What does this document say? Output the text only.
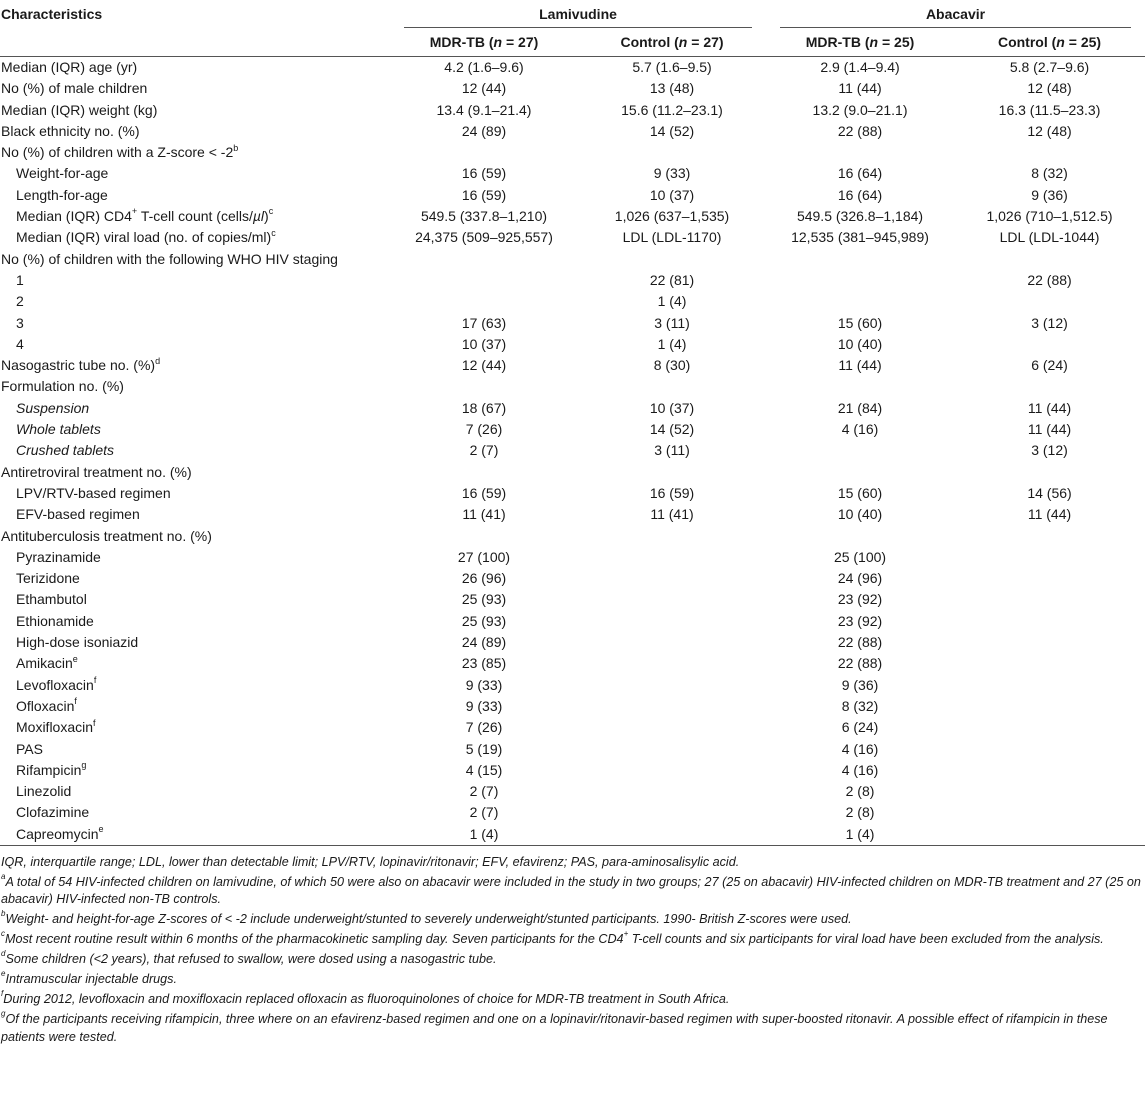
Characteristics	Lamivudine		Abacavir	
	MDR-TB (n = 27)	Control (n = 27)	MDR-TB (n = 25)	Control (n = 25)
Median (IQR) age (yr)	4.2 (1.6–9.6)	5.7 (1.6–9.5)	2.9 (1.4–9.4)	5.8 (2.7–9.6)
No (%) of male children	12 (44)	13 (48)	11 (44)	12 (48)
Median (IQR) weight (kg)	13.4 (9.1–21.4)	15.6 (11.2–23.1)	13.2 (9.0–21.1)	16.3 (11.5–23.3)
Black ethnicity no. (%)	24 (89)	14 (52)	22 (88)	12 (48)
No (%) of children with a Z-score < $-2^b$				
Weight-for-age	16 (59)	9 (33)	16 (64)	8 (32)
Length-for-age	16 (59)	10 (37)	16 (64)	9 (36)
Median (IQR) CD4+ T-cell count (cells/µl)$^c$	549.5 (337.8–1,210)	1,026 (637–1,535)	549.5 (326.8–1,184)	1,026 (710–1,512.5)
Median (IQR) viral load (no. of copies/ml)$^c$	24,375 (509–925,557)	LDL (LDL-1170)	12,535 (381–945,989)	LDL (LDL-1044)
No (%) of children with the following WHO HIV staging				
1		22 (81)		22 (88)
2		1 (4)		
3	17 (63)	3 (11)	15 (60)	3 (12)
4	10 (37)	1 (4)	10 (40)	
Nasogastric tube no. (%)$^d$	12 (44)	8 (30)	11 (44)	6 (24)
Formulation no. (%)				
Suspension	18 (67)	10 (37)	21 (84)	11 (44)
Whole tablets	7 (26)	14 (52)	4 (16)	11 (44)
Crushed tablets	2 (7)	3 (11)		3 (12)
Antiretroviral treatment no. (%)				
LPV/RTV-based regimen	16 (59)	16 (59)	15 (60)	14 (56)
EFV-based regimen	11 (41)	11 (41)	10 (40)	11 (44)
Antituberculosis treatment no. (%)				
Pyrazinamide	27 (100)		25 (100)	
Terizidone	26 (96)		24 (96)	
Ethambutol	25 (93)		23 (92)	
Ethionamide	25 (93)		23 (92)	
High-dose isoniazid	24 (89)		22 (88)	
Amikacin$^e$	23 (85)		22 (88)	
Levofloxacin$^f$	9 (33)		9 (36)	
Ofloxacin$^f$	9 (33)		8 (32)	
Moxifloxacin$^f$	7 (26)		6 (24)	
PAS	5 (19)		4 (16)	
Rifampicin$^g$	4 (15)		4 (16)	
Linezolid	2 (7)		2 (8)	
Clofazimine	2 (7)		2 (8)	
Capreomycin$^e$	1 (4)		1 (4)	

IQR, interquartile range; LDL, lower than detectable limit; LPV/RTV, lopinavir/ritonavir; EFV, efavirenz; PAS, para-aminosalisylic acid.

$^a$A total of 54 HIV-infected children on lamivudine, of which 50 were also on abacavir were included in the study in two groups; 27 (25 on abacavir) HIV-infected children on MDR-TB treatment and 27 (25 on abacavir) HIV-infected non-TB controls.

$^b$Weight- and height-for-age Z-scores of < -2 include underweight/stunted to severely underweight/stunted participants. 1990- British Z-scores were used.

$^c$Most recent routine result within 6 months of the pharmacokinetic sampling day. Seven participants for the CD4+ T-cell counts and six participants for viral load have been excluded from the analysis.

$^d$Some children (<2 years), that refused to swallow, were dosed using a nasogastric tube.

$^e$Intramuscular injectable drugs.

$^f$During 2012, levofloxacin and moxifloxacin replaced ofloxacin as fluoroquinolones of choice for MDR-TB treatment in South Africa.

$^g$Of the participants receiving rifampicin, three where on an efavirenz-based regimen and one on a lopinavir/ritonavir-based regimen with super-boosted ritonavir. A possible effect of rifampicin in these patients were tested.
